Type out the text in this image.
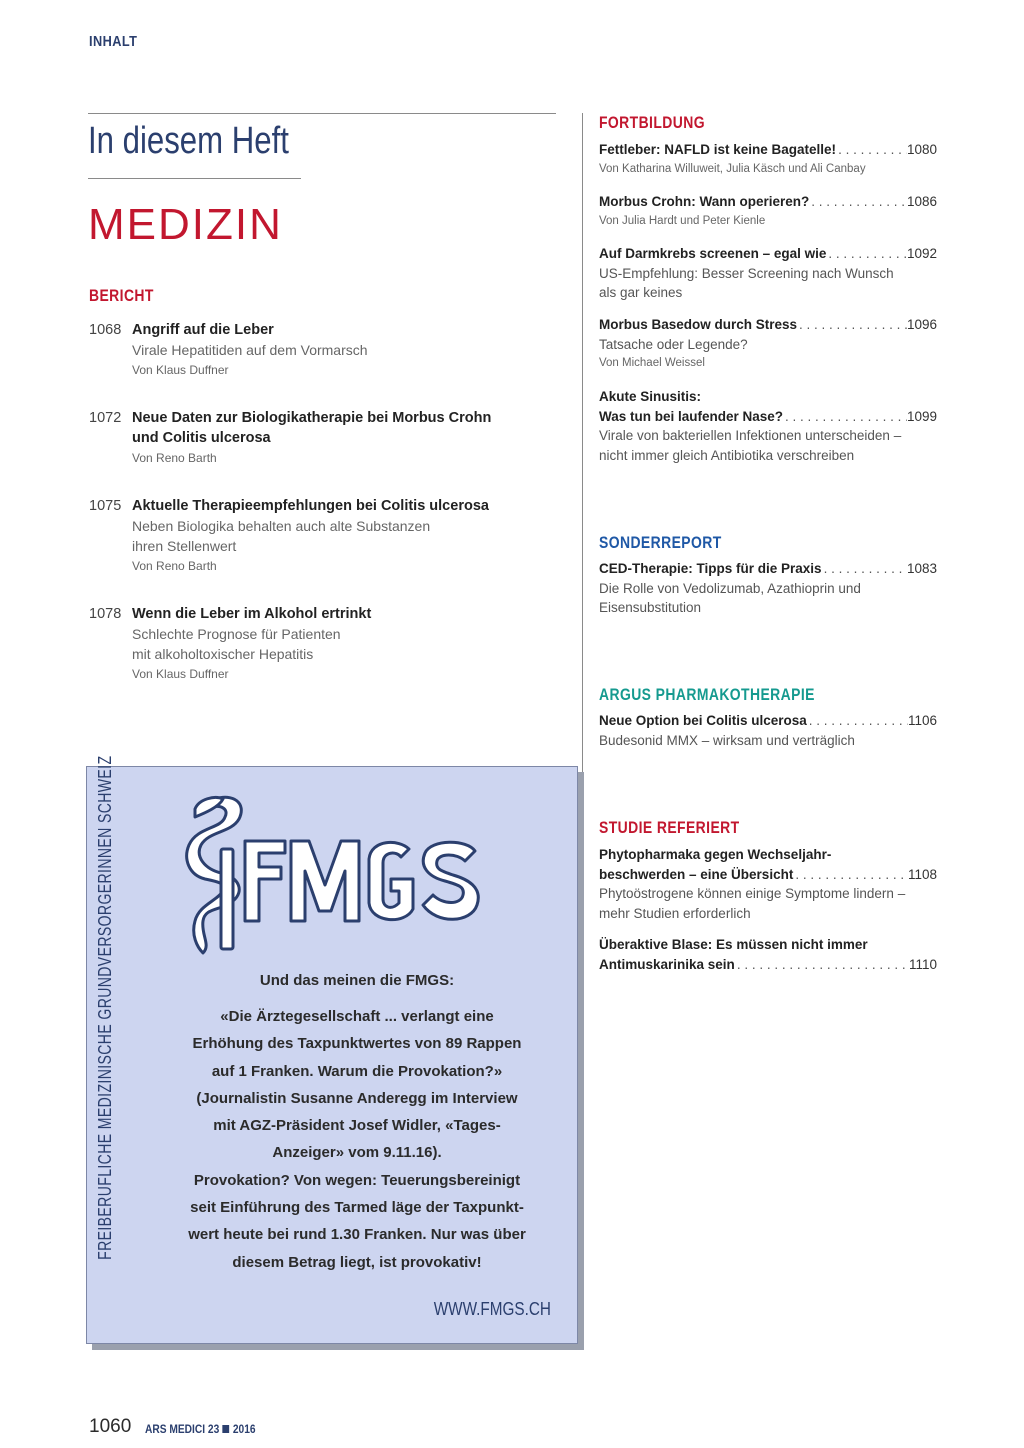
INHALT
In diesem Heft
MEDIZIN
BERICHT
1068 Angriff auf die Leber
Virale Hepatitiden auf dem Vormarsch
Von Klaus Duffner
1072 Neue Daten zur Biologikatherapie bei Morbus Crohn
und Colitis ulcerosa
Von Reno Barth
1075 Aktuelle Therapieempfehlungen bei Colitis ulcerosa
Neben Biologika behalten auch alte Substanzen
ihren Stellenwert
Von Reno Barth
1078 Wenn die Leber im Alkohol ertrinkt
Schlechte Prognose für Patienten
mit alkoholtoxischer Hepatitis
Von Klaus Duffner
FORTBILDUNG
Fettleber: NAFLD ist keine Bagatelle! . . .	1080
Von Katharina Willuweit, Julia Käsch und Ali Canbay
Morbus Crohn: Wann operieren? . . .	1086
Von Julia Hardt und Peter Kienle
Auf Darmkrebs screenen – egal wie . . .	1092
US-Empfehlung: Besser Screening nach Wunsch
als gar keines
Morbus Basedow durch Stress . . .	1096
Tatsache oder Legende?
Von Michael Weissel
Akute Sinusitis:
Was tun bei laufender Nase? . . .	1099
Virale von bakteriellen Infektionen unterscheiden –
nicht immer gleich Antibiotika verschreiben
SONDERREPORT
CED-Therapie: Tipps für die Praxis . . .	1083
Die Rolle von Vedolizumab, Azathioprin und
Eisensubstitution
ARGUS PHARMAKOTHERAPIE
Neue Option bei Colitis ulcerosa . . .	1106
Budesonid MMX – wirksam und verträglich
STUDIE REFERIERT
Phytopharmaka gegen Wechseljahr-
beschwerden – eine Übersicht . . .	1108
Phytoöstrogene können einige Symptome lindern –
mehr Studien erforderlich
Überaktive Blase: Es müssen nicht immer
Antimuskarinika sein . . .	1110
FREIBERUFLICHE MEDIZINISCHE GRUNDVERSORGERINNEN SCHWEIZ	Und das meinen die FMGS:

«Die Ärztegesellschaft ... verlangt eine

Erhöhung des Taxpunktwertes von 89 Rappen

auf 1 Franken. Warum die Provokation?»

(Journalistin Susanne Anderegg im Interview

mit AGZ-Präsident Josef Widler, «Tages-

Anzeiger» vom 9.11.16).

Provokation? Von wegen: Teuerungsbereinigt

seit Einführung des Tarmed läge der Taxpunkt-

wert heute bei rund 1.30 Franken. Nur was über

diesem Betrag liegt, ist provokativ!

WWW.FMGS.CH
1060 ARS MEDICI 23 2016
